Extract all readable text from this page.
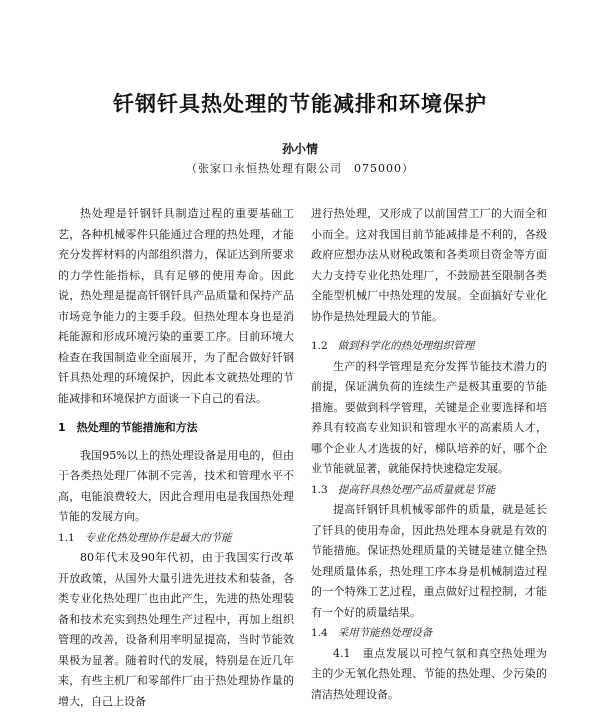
钎钢钎具热处理的节能减排和环境保护
孙小情
（张家口永恒热处理有限公司　075000）

热处理是钎钢钎具制造过程的重要基础工艺，各种机械零件只能通过合理的热处理，才能充分发挥材料的内部组织潜力，保证达到所要求的力学性能指标，具有足够的使用寿命。因此说，热处理是提高钎钢钎具产品质量和保持产品市场竞争能力的主要手段。但热处理本身也是消耗能源和形成环境污染的重要工序。目前环境大检查在我国制造业全面展开，为了配合做好钎钢钎具热处理的环境保护，因此本文就热处理的节能减排和环境保护方面谈一下自己的看法。

1　 热处理的节能措施和方法

我国95%以上的热处理设备是用电的，但由于各类热处理厂体制不完善，技术和管理水平不高，电能浪费较大，因此合理用电是我国热处理节能的发展方向。

1.1 专业化热处理协作是最大的节能

80年代末及90年代初，由于我国实行改革开放政策，从国外大量引进先进技术和装备，各类专业化热处理厂也由此产生，先进的热处理装备和技术充实到热处理生产过程中，再加上组织管理的改善，设备利用率明显提高，当时节能效果极为显著。随着时代的发展，特别是在近几年来，有些主机厂和零部件厂由于热处理协作量的增大，自己上设备

进行热处理，又形成了以前国营工厂的大而全和小而全。这对我国目前节能减排是不利的，各级政府应想办法从财税政策和各类项目资金等方面大力支持专业化热处理厂，不鼓励甚至限制各类全能型机械厂中热处理的发展。全面搞好专业化协作是热处理最大的节能。

1.2 做到科学化的热处理组织管理

生产的科学管理是充分发挥节能技术潜力的前提，保证满负荷的连续生产是极其重要的节能措施。要做到科学管理，关键是企业要选择和培养具有较高专业知识和管理水平的高素质人才，哪个企业人才选拔的好，梯队培养的好，哪个企业节能就显著，就能保持快速稳定发展。

1.3 提高钎具热处理产品质量就是节能

提高钎钢钎具机械零部件的质量，就是延长了钎具的使用寿命，因此热处理本身就是有效的节能措施。保证热处理质量的关键是建立健全热处理质量体系，热处理工序本身是机械制造过程的一个特殊工艺过程，重点做好过程控制，才能有一个好的质量结果。

1.4 采用节能热处理设备

4.1　重点发展以可控气氛和真空热处理为主的少无氧化热处理、节能的热处理、少污染的清洁热处理设备。
